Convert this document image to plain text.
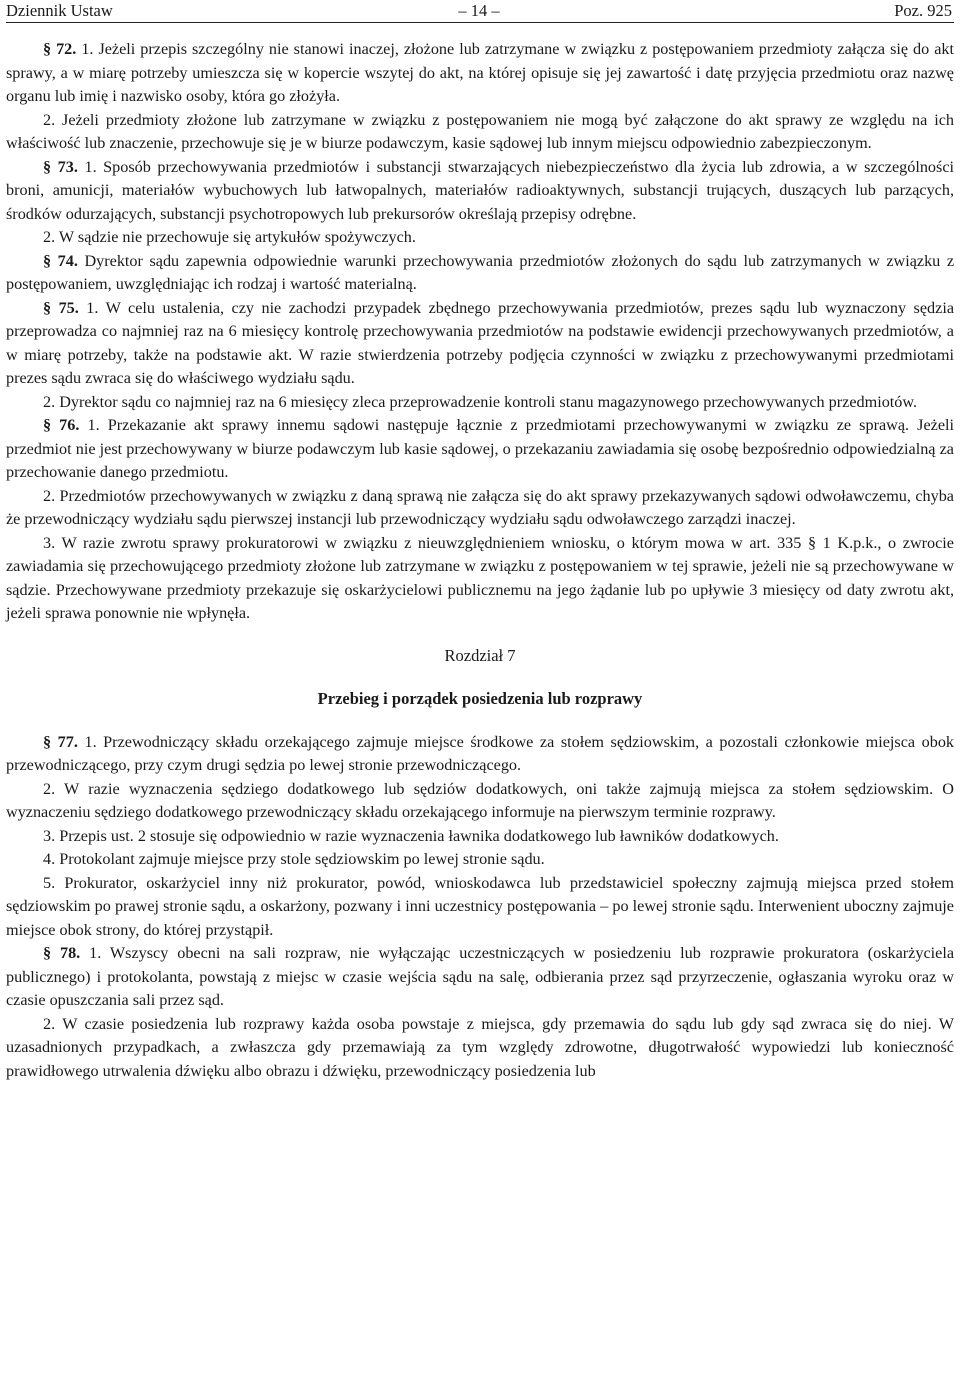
Dziennik Ustaw	Poz. 925
– 14 –

§ 72. 1. Jeżeli przepis szczególny nie stanowi inaczej, złożone lub zatrzymane w związku z postępowaniem przedmioty załącza się do akt sprawy, a w miarę potrzeby umieszcza się w kopercie wszytej do akt, na której opisuje się jej zawartość i datę przyjęcia przedmiotu oraz nazwę organu lub imię i nazwisko osoby, która go złożyła.

2. Jeżeli przedmioty złożone lub zatrzymane w związku z postępowaniem nie mogą być załączone do akt sprawy ze względu na ich właściwość lub znaczenie, przechowuje się je w biurze podawczym, kasie sądowej lub innym miejscu odpowiednio zabezpieczonym.

§ 73. 1. Sposób przechowywania przedmiotów i substancji stwarzających niebezpieczeństwo dla życia lub zdrowia, a w szczególności broni, amunicji, materiałów wybuchowych lub łatwopalnych, materiałów radioaktywnych, substancji trujących, duszących lub parzących, środków odurzających, substancji psychotropowych lub prekursorów określają przepisy odrębne.

2. W sądzie nie przechowuje się artykułów spożywczych.

§ 74. Dyrektor sądu zapewnia odpowiednie warunki przechowywania przedmiotów złożonych do sądu lub zatrzymanych w związku z postępowaniem, uwzględniając ich rodzaj i wartość materialną.

§ 75. 1. W celu ustalenia, czy nie zachodzi przypadek zbędnego przechowywania przedmiotów, prezes sądu lub wyznaczony sędzia przeprowadza co najmniej raz na 6 miesięcy kontrolę przechowywania przedmiotów na podstawie ewidencji przechowywanych przedmiotów, a w miarę potrzeby, także na podstawie akt. W razie stwierdzenia potrzeby podjęcia czynności w związku z przechowywanymi przedmiotami prezes sądu zwraca się do właściwego wydziału sądu.

2. Dyrektor sądu co najmniej raz na 6 miesięcy zleca przeprowadzenie kontroli stanu magazynowego przechowywanych przedmiotów.

§ 76. 1. Przekazanie akt sprawy innemu sądowi następuje łącznie z przedmiotami przechowywanymi w związku ze sprawą. Jeżeli przedmiot nie jest przechowywany w biurze podawczym lub kasie sądowej, o przekazaniu zawiadamia się osobę bezpośrednio odpowiedzialną za przechowanie danego przedmiotu.

2. Przedmiotów przechowywanych w związku z daną sprawą nie załącza się do akt sprawy przekazywanych sądowi odwoławczemu, chyba że przewodniczący wydziału sądu pierwszej instancji lub przewodniczący wydziału sądu odwoławczego zarządzi inaczej.

3. W razie zwrotu sprawy prokuratorowi w związku z nieuwzględnieniem wniosku, o którym mowa w art. 335 § 1 K.p.k., o zwrocie zawiadamia się przechowującego przedmioty złożone lub zatrzymane w związku z postępowaniem w tej sprawie, jeżeli nie są przechowywane w sądzie. Przechowywane przedmioty przekazuje się oskarżycielowi publicznemu na jego żądanie lub po upływie 3 miesięcy od daty zwrotu akt, jeżeli sprawa ponownie nie wpłynęła.

Rozdział 7
Przebieg i porządek posiedzenia lub rozprawy

§ 77. 1. Przewodniczący składu orzekającego zajmuje miejsce środkowe za stołem sędziowskim, a pozostali członkowie miejsca obok przewodniczącego, przy czym drugi sędzia po lewej stronie przewodniczącego.

2. W razie wyznaczenia sędziego dodatkowego lub sędziów dodatkowych, oni także zajmują miejsca za stołem sędziowskim. O wyznaczeniu sędziego dodatkowego przewodniczący składu orzekającego informuje na pierwszym terminie rozprawy.

3. Przepis ust. 2 stosuje się odpowiednio w razie wyznaczenia ławnika dodatkowego lub ławników dodatkowych.

4. Protokolant zajmuje miejsce przy stole sędziowskim po lewej stronie sądu.

5. Prokurator, oskarżyciel inny niż prokurator, powód, wnioskodawca lub przedstawiciel społeczny zajmują miejsca przed stołem sędziowskim po prawej stronie sądu, a oskarżony, pozwany i inni uczestnicy postępowania – po lewej stronie sądu. Interwenient uboczny zajmuje miejsce obok strony, do której przystąpił.

§ 78. 1. Wszyscy obecni na sali rozpraw, nie wyłączając uczestniczących w posiedzeniu lub rozprawie prokuratora (oskarżyciela publicznego) i protokolanta, powstają z miejsc w czasie wejścia sądu na salę, odbierania przez sąd przyrzeczenie, ogłaszania wyroku oraz w czasie opuszczania sali przez sąd.

2. W czasie posiedzenia lub rozprawy każda osoba powstaje z miejsca, gdy przemawia do sądu lub gdy sąd zwraca się do niej. W uzasadnionych przypadkach, a zwłaszcza gdy przemawiają za tym względy zdrowotne, długotrwałość wypowiedzi lub konieczność prawidłowego utrwalenia dźwięku albo obrazu i dźwięku, przewodniczący posiedzenia lub
